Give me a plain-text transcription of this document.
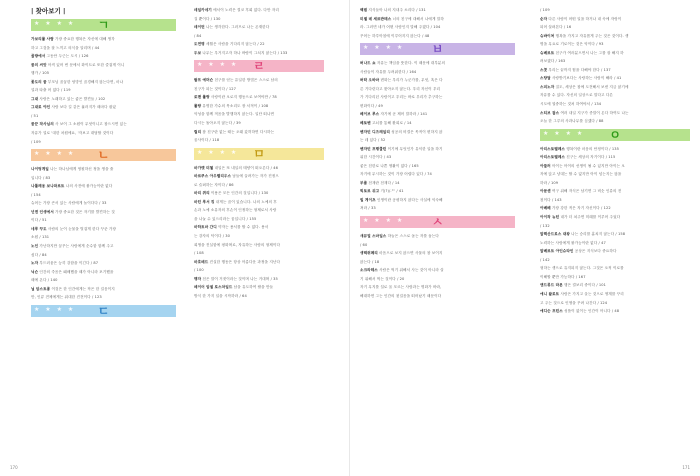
| 찾아보기 |
★ ★ ★ ★ ㄱ
가보리를 사람 가장 중요한 행복은 자신에 대해 생각
하고 그것을 잘 느끼고 의식을 알리며 / 44
골방에서 그동안 두근는 도시 / 126
꿈의 씨앗 아직 있어 번 문에서 화이트로 또한 즐겁게 이니
행가 / 105
꽃도의 꿈 부모님 꿈꿈한 엉망인 꿈경해지 않는다면, 마나
얼과 타출 어 없다 / 119
그대 사랑은 노래하고 있는 좋은 발견들 / 102
그대로 야인 사랑 보다 길 같은 흘러지가 때마다 잡았
/ 51
꿈꾼 작사님의 사 보이 그 소원이 무엇이니고 참으시면 있는
자유가 얼로 '대한 차원에요, '자보고 대답할 것이다
/ 109
★ ★ ★ ★ ㄴ
나이팅게일 나는 하나님에게 영원하신 정을 생을 줄
입니다 / 83
나폴레옹 보나파르트 나의 사전에 불가능이란 없다
/ 154
슈어는 가장 큰서 있는 사람에게 놀이다다 / 33
넌엔 인생에서 가장 중요한 것은 자기를 발견하는 것
이다 / 51
네루 꾸도 사람의 눈이 눈물을 벌겁게 한다 꾸준 가장
소원 / 131
노인 가난하지만 꿈꾸는 사람에게 순수함 함께 주고
싶다 / 84
노자 부드러움은 능히 강함을 이긴다 / 87
닉슨 인간의 죽음은 패배했을 때가 아니라 포기했을
때에 온다 / 140
닐 암스트롱 이것은 한 인간에게는 작은 한 걸음이지
만, 인류 전체에게는 위대한 진전이다 / 123
★ ★ ★ ★ ㄷ
데일카네기 에서이 노력은 결코 후회 없다. 다만 자리
질 뿐이다 / 130
데이먼 나는 생각한다. 그러므로 나는 존재한다
/ 84
도연명 세월은 사람을 기다리지 않는다 / 22
두보 나무는 우거지고자 하나 바람이 그치지 않는다 / 133
★ ★ ★ ★ ㄹ
랄프 에머슨 친구를 얻는 유일한 방법은 스스로 남의
친구가 되는 것이다 / 127
로맨 롤랑 사랑이란 오로지 행동으로 보여야만 / 78
롤랑 유명한 가수의 목소리도 장 서적이 / 108
악성을 함께 적음을 발행하지 않는다. 일단 떠나면
다시는 돌아오지 않는다 / 39
릴리 참 친구란 없는 때는 오래 갔허하면 다시하는
꿈사이다 / 118
★ ★ ★ ★ ㅁ
마가렛 미첼 내일은 또 내일의 태양이 떠오른다 / 46
마르쿠스 아우렐리우스 남들에 끌려가는 자가 진정으
로 슬퍼하는 자이다 / 86
마리 퀴리 이용은 모든 인간의 것입니다 / 130
마틴 루서 킹 내게는 꿈이 있습니다. 나의 노예의 후
손과 노예 소유자의 후손이 인정하는 형제로서 사랑
을 나눌 수 있으리라는 꿈입니다 / 155
마하트마 간디 약자는 용서를 할 수 없다. 용서
는 강자의 덕이다 / 30
희생을 진실함에 평화며로, 자유하는 사람의 형제이다
/ 108
마흐메드 진실한 행동은 항상 아름다운 과정을 지난다
/ 100
맹자 천은 말이 거짓이라는 것이며 나는 거대며 / 35
메이어 암셀 로스차일드 남을 유도하여 팔을 만들
방식 한 가지 일을 시작하라 / 64
170
백범 지식들아 나의 지내주 소리다 / 131
미셸 데 세르반테스 너의 친구에 대해서 나에게 말하
라. 그러면 네가 어떤 사람인지 말해 주겠다 / 104
꾸어는 하루아침에 이루어지지 않는다 / 48
★ ★ ★ ★ ㅂ
버나드 쇼 자유는 책임을 뜻한다. 이 때문에 대부분의
사람들이 자유를 두려워한다 / 164
버락 오바마 변화는 우리가 누군가를, 무엇, 혹은 다
른 기다린다고 찾아오지 않는다. 우리 자신이 우리
가 기다리던 사람이고 우리는 바로 우리가 추구하는
변화이다 / 49
베이브 루스 자기에 곧 제어 말하라 / 141
베토벤 고뇌를 통해 환희로 / 14
벤자민 디즈레일리 성공의 비결은 목적이 변하지 않
는 데 있다 / 52
벤자민 프랭클린 이기에 무엇인가 유익한 일을 하기
위한 시간이다 / 43
좋은 친한로 나쁜 생활이 없다 / 165
자기에 무시하는 것이 가장 어렵다 있다 / 74
부룸 천재란 천재다 / 14
빅토르 위고 기(?)/."" / 41
빌 게이츠 인생이란 공평하지 않다는 사실에 익숙해
져라 / 33
★ ★ ★ ★ ㅅ
새뮤얼 스마일스 하늘은 스스로 돕는 자를 돕는다
/ 60
생텍쥐페리 마음으로 보지 않으면 사물의 참 보이지
않는다 / 18
소크라테스 사람은 먹기 위해서 사는 것이 아니라 살
기 위해서 먹는 것이다 / 20
자기 무지를 설로 올 모르는 사람과는 명화가 바라,
해대하면 그는 인간의 첫걸음을 떠어났기 때문이다
/ 109
순자 다른 사람이 어떤 일을 하거나 내 속에 자랑이
되어 살펴본다 / 16
슈바이처 행복을 가지고 자유롭게 주는 것은 것이다. 생
명을 무요로 기로이는 것은 악이다 / 93
슈베르트 친구가 여러분으면서 나는 그를 잘 해지 하
려보겠다 / 163
스콧 우리는 끝까지 힘을 다해야 한다 / 137
스탕달 사랑받기보다는 사랑하는 사람이 해라 / 41
스피노자 질도, 세상은 참에 도전해서 보낸 지금 않기에
자유를 수 있다. 자신의 일상으로 말다고 다른
시도에 열중하는 것처 하여야서 / 134
스티브 잡스 여러 내일 지구가 종말이 온다 하여도 나는
오늘 한 그루의 사과나무를 심겠다 / 88
★ ★ ★ ★ ㅇ
아리스토텔레스 행복이란 마음의 안정이다 / 135
아리스토텔레스 친구는 세상의 자기이다 / 115
아들러 아이는 아이의 선생이 될 수 있지만 아이는 오
자에 앉고 냥대는 할 수 없지만 아이 넘는지는 않을
하라 / 109
아문센 여구 위해 자식은 남기면 그 비슷 인류의 전
첫이다 / 143
아베베 가장 강한 적은 자기 자신이다 / 122
아이작 뉴턴 내가 더 쳐주면 미래를 이루어 주었다
/ 132
알렉산드로스 대왕 나는 승리를 훔치지 않는다 / 158
노력하는 사람에게 불가능이란 없다 / 47
알베르트 아인슈타인 공상은 지식보다 중요하다
/ 142
형하는 생으로 유지되지 않는다. 그것은 오직 이로를
이해할 뿐만 가능하다 / 167
앤드류드 라몬 행은 결보리 중이다 / 101
애니 왈로트 사람은 가지고 올는 것으로 생계를 꾸리
고 주는 것으로 인생을 꾸려 나간다 / 124
애디슨 프린스 성품이 없이는 인간이 아니다 / 48
171
